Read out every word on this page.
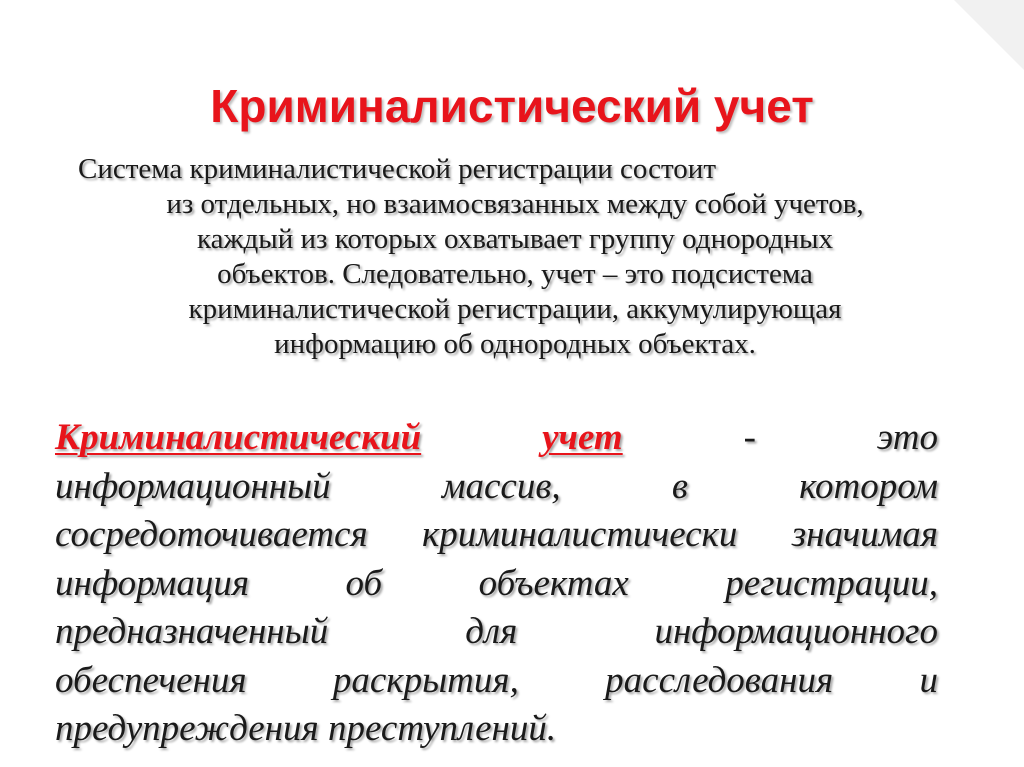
Криминалистический учет
Система криминалистической регистрации состоит
из отдельных, но взаимосвязанных между собой учетов,
каждый из которых охватывает группу однородных
объектов. Следовательно, учет – это подсистема
криминалистической регистрации, аккумулирующая
информацию об однородных объектах.
Криминалистический	учет	-	это
информационный	массив,	в	котором
сосредоточивается криминалистически значимая
информация	об	объектах	регистрации,
предназначенный	для	информационного
обеспечения раскрытия, расследования и
предупреждения преступлений.
